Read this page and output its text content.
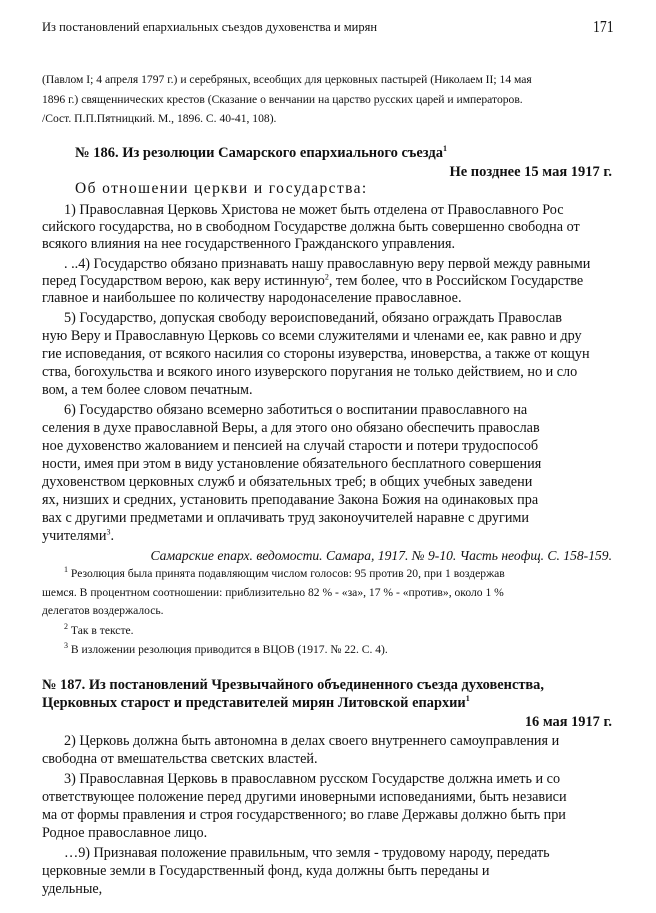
Из постановлений епархиальных съездов духовенства и мирян	171
(Павлом I; 4 апреля 1797 г.) и серебряных, всеобщих для церковных пастырей (Николаем II; 14 мая
1896 г.) священнических крестов (Сказание о венчании на царство русских царей и императоров.
/Сост. П.П.Пятницкий. М., 1896. С. 40-41, 108).
№ 186. Из резолюции Самарского епархиального съезда$^1$
Не позднее 15 мая 1917 г.
Об отношении церкви и государства:
1) Православная Церковь Христова не может быть отделена от Православного Рос
сийского государства, но в свободном Государстве должна быть совершенно свободна от
всякого влияния на нее государственного Гражданского управления.
. ..4) Государство обязано признавать нашу православную веру первой между равными
перед Государством верою, как веру истинную$^2$, тем более, что в Российском Государстве
главное и наибольшее по количеству народонаселение православное.
5) Государство, допуская свободу вероисповеданий, обязано ограждать Православ
ную Веру и Православную Церковь со всеми служителями и членами ее, как равно и дру
гие исповедания, от всякого насилия со стороны изуверства, иноверства, а также от кощун
ства, богохульства и всякого иного изуверского поругания не только действием, но и сло
вом, а тем более словом печатным.
6) Государство обязано всемерно заботиться о воспитании православного на
селения в духе православной Веры, а для этого оно обязано обеспечить православ
ное духовенство жалованием и пенсией на случай старости и потери трудоспособ
ности, имея при этом в виду установление обязательного бесплатного совершения
духовенством церковных служб и обязательных треб; в общих учебных заведени
ях, низших и средних, установить преподавание Закона Божия на одинаковых пра
вах с другими предметами и оплачивать труд законоучителей наравне с другими
учителями$^3$.
Самарские епарх. ведомости. Самара, 1917. № 9-10. Часть неофщ. С. 158-159.
$^1$ Резолюция была принята подавляющим числом голосов: 95 против 20, при 1 воздержав
шемся. В процентном соотношении: приблизительно 82 % - «за», 17 % - «против», около 1 %
делегатов воздержалось.
$^2$ Так в тексте.
$^3$ В изложении резолюция приводится в ВЦОВ (1917. № 22. С. 4).
№ 187. Из постановлений Чрезвычайного объединенного съезда духовенства,
Церковных старост и представителей мирян Литовской епархии$^1$
16 мая 1917 г.
2) Церковь должна быть автономна в делах своего внутреннего самоуправления и
свободна от вмешательства светских властей.
3) Православная Церковь в православном русском Государстве должна иметь и со
ответствующее положение перед другими иноверными исповеданиями, быть независи
ма от формы правления и строя государственного; во главе Державы должно быть при
Родное православное лицо.
…9) Признавая положение правильным, что земля - трудовому народу, передать
церковные земли в Государственный фонд, куда должны быть переданы и
удельные,
